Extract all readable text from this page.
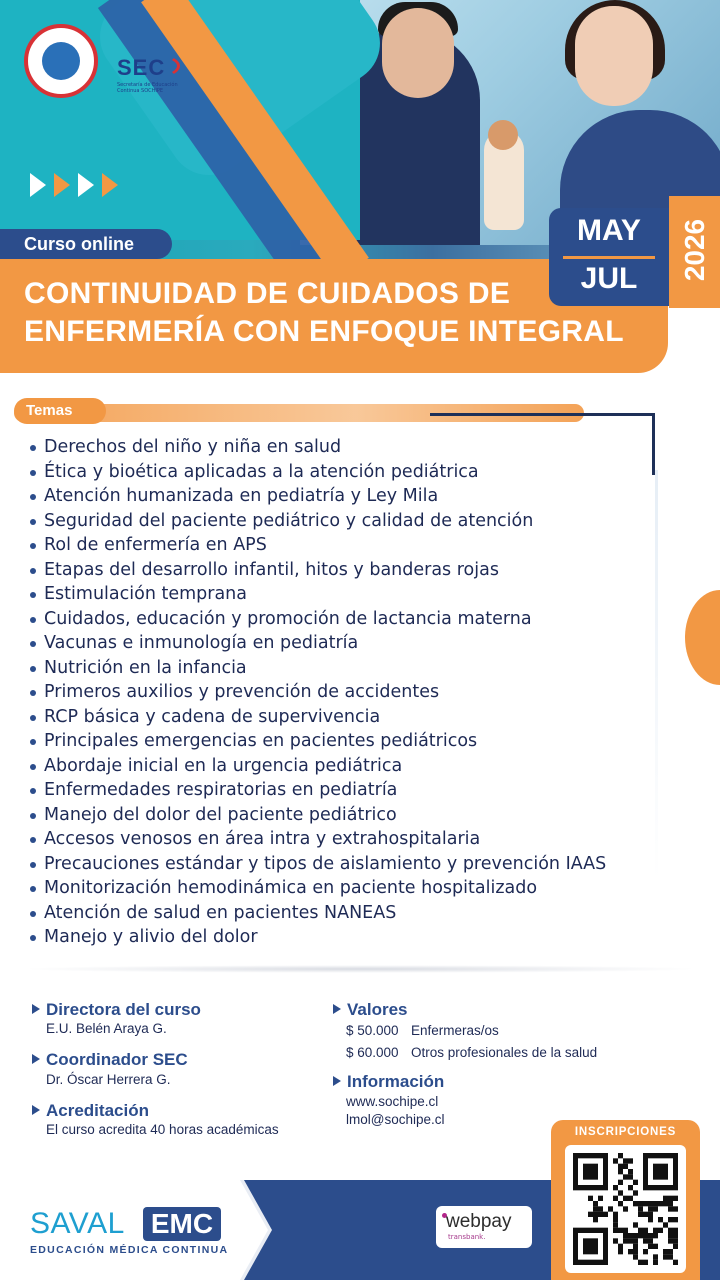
SEC
Secretaría de Educación Continua SOCHIPE
Curso online
CONTINUIDAD DE CUIDADOS DE
ENFERMERÍA CON ENFOQUE INTEGRAL
MAY
JUL	2026
Temas
Derechos del niño y niña en salud
Ética y bioética aplicadas a la atención pediátrica
Atención humanizada en pediatría y Ley Mila
Seguridad del paciente pediátrico y calidad de atención
Rol de enfermería en APS
Etapas del desarrollo infantil, hitos y banderas rojas
Estimulación temprana
Cuidados, educación y promoción de lactancia materna
Vacunas e inmunología en pediatría
Nutrición en la infancia
Primeros auxilios y prevención de accidentes
RCP básica y cadena de supervivencia
Principales emergencias en pacientes pediátricos
Abordaje inicial en la urgencia pediátrica
Enfermedades respiratorias en pediatría
Manejo del dolor del paciente pediátrico
Accesos venosos en área intra y extrahospitalaria
Precauciones estándar y tipos de aislamiento y prevención IAAS
Monitorización hemodinámica en paciente hospitalizado
Atención de salud en pacientes NANEAS
Manejo y alivio del dolor
Directora del curso
E.U. Belén Araya G.
Coordinador SEC
Dr. Óscar Herrera G.
Acreditación
El curso acredita 40 horas académicas
Valores
$ 50.000 Enfermeras/os
$ 60.000 Otros profesionales de la salud
Información
www.sochipe.cl
lmol@sochipe.cl
SAVAL EMC
EDUCACIÓN MÉDICA CONTINUA
webpay
transbank.
INSCRIPCIONES
